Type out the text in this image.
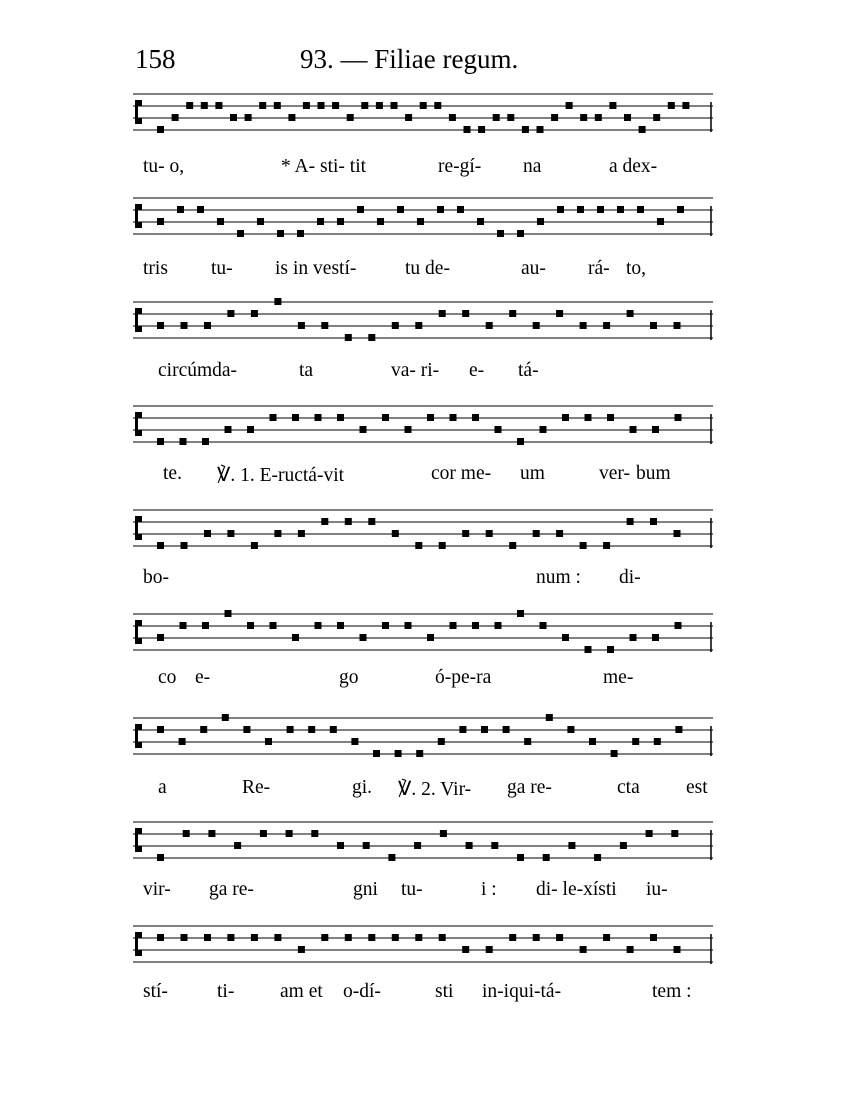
158	93. — Filiae regum.
tu- o,	* A- sti- tit	re-gí- na	a dex-
tris tu- is in vestí- tu de-	au- rá- to,
circúmda-	ta	va- ri- e- tá-
te. ℣. 1. E-ructá-vit	cor me- um	ver- bum
bo-	num : di-
co e-	go	ó-pe-ra	me-
a	Re-	gi. ℣. 2. Vir- ga re-	cta est
vir- ga re-	gni tu-	i : di- le-xísti iu-
stí-	ti- am et o-dí-	sti in-iqui-tá-	tem :
